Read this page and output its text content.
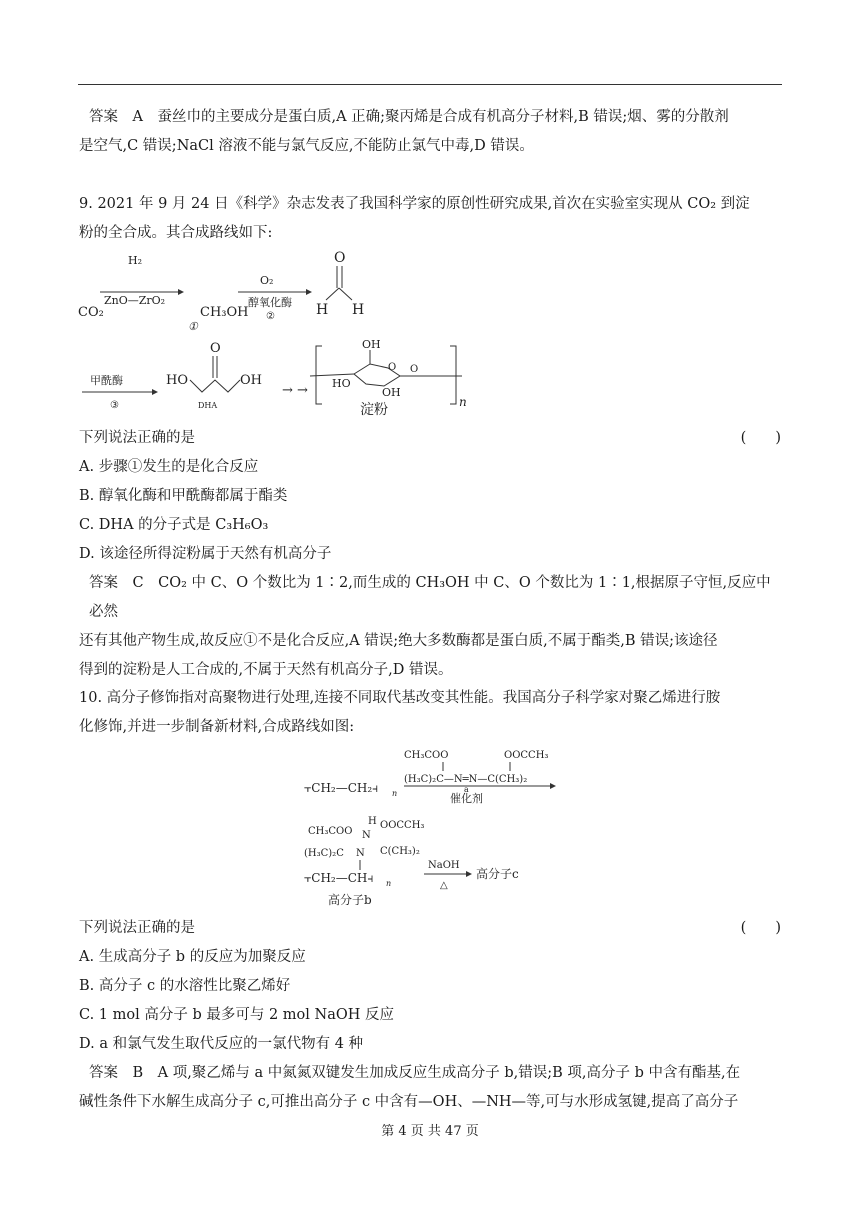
答案　A　蚕丝巾的主要成分是蛋白质,A 正确;聚丙烯是合成有机高分子材料,B 错误;烟、雾的分散剂

是空气,C 错误;NaCl 溶液不能与氯气反应,不能防止氯气中毒,D 错误。

9. 2021 年 9 月 24 日《科学》杂志发表了我国科学家的原创性研究成果,首次在实验室实现从 CO₂ 到淀

粉的全合成。其合成路线如下:

CO₂
H₂
ZnO—ZrO₂
CH₃OH
①
O₂
醇氧化酶
②
O
H H
甲酰酶
③
HO
O
OH
DHA
→ →
n
OH
HO
OH
O O
淀粉
下列说法正确的是	(　　)

A. 步骤①发生的是化合反应

B. 醇氧化酶和甲酰酶都属于酯类

C. DHA 的分子式是 C₃H₆O₃

D. 该途径所得淀粉属于天然有机高分子

答案　C　CO₂ 中 C、O 个数比为 1∶2,而生成的 CH₃OH 中 C、O 个数比为 1∶1,根据原子守恒,反应中必然

还有其他产物生成,故反应①不是化合反应,A 错误;绝大多数酶都是蛋白质,不属于酯类,B 错误;该途径

得到的淀粉是人工合成的,不属于天然有机高分子,D 错误。

10. 高分子修饰指对高聚物进行处理,连接不同取代基改变其性能。我国高分子科学家对聚乙烯进行胺

化修饰,并进一步制备新材料,合成路线如图:

⫟CH₂—CH₂⫞ n
CH₃COO	OOCCH₃
(H₃C)₂C—N═N—C(CH₃)₂
a
催化剂
CH₃COO
H OOCCH₃
N
N
(H₃C)₂C	C(CH₃)₂
⫟CH₂—CH⫞ n
NaOH
△
高分子c
高分子b
下列说法正确的是	(　　)

A. 生成高分子 b 的反应为加聚反应

B. 高分子 c 的水溶性比聚乙烯好

C. 1 mol 高分子 b 最多可与 2 mol NaOH 反应

D. a 和氯气发生取代反应的一氯代物有 4 种

答案　B　A 项,聚乙烯与 a 中氮氮双键发生加成反应生成高分子 b,错误;B 项,高分子 b 中含有酯基,在

碱性条件下水解生成高分子 c,可推出高分子 c 中含有—OH、—NH—等,可与水形成氢键,提高了高分子

第 4 页 共 47 页
